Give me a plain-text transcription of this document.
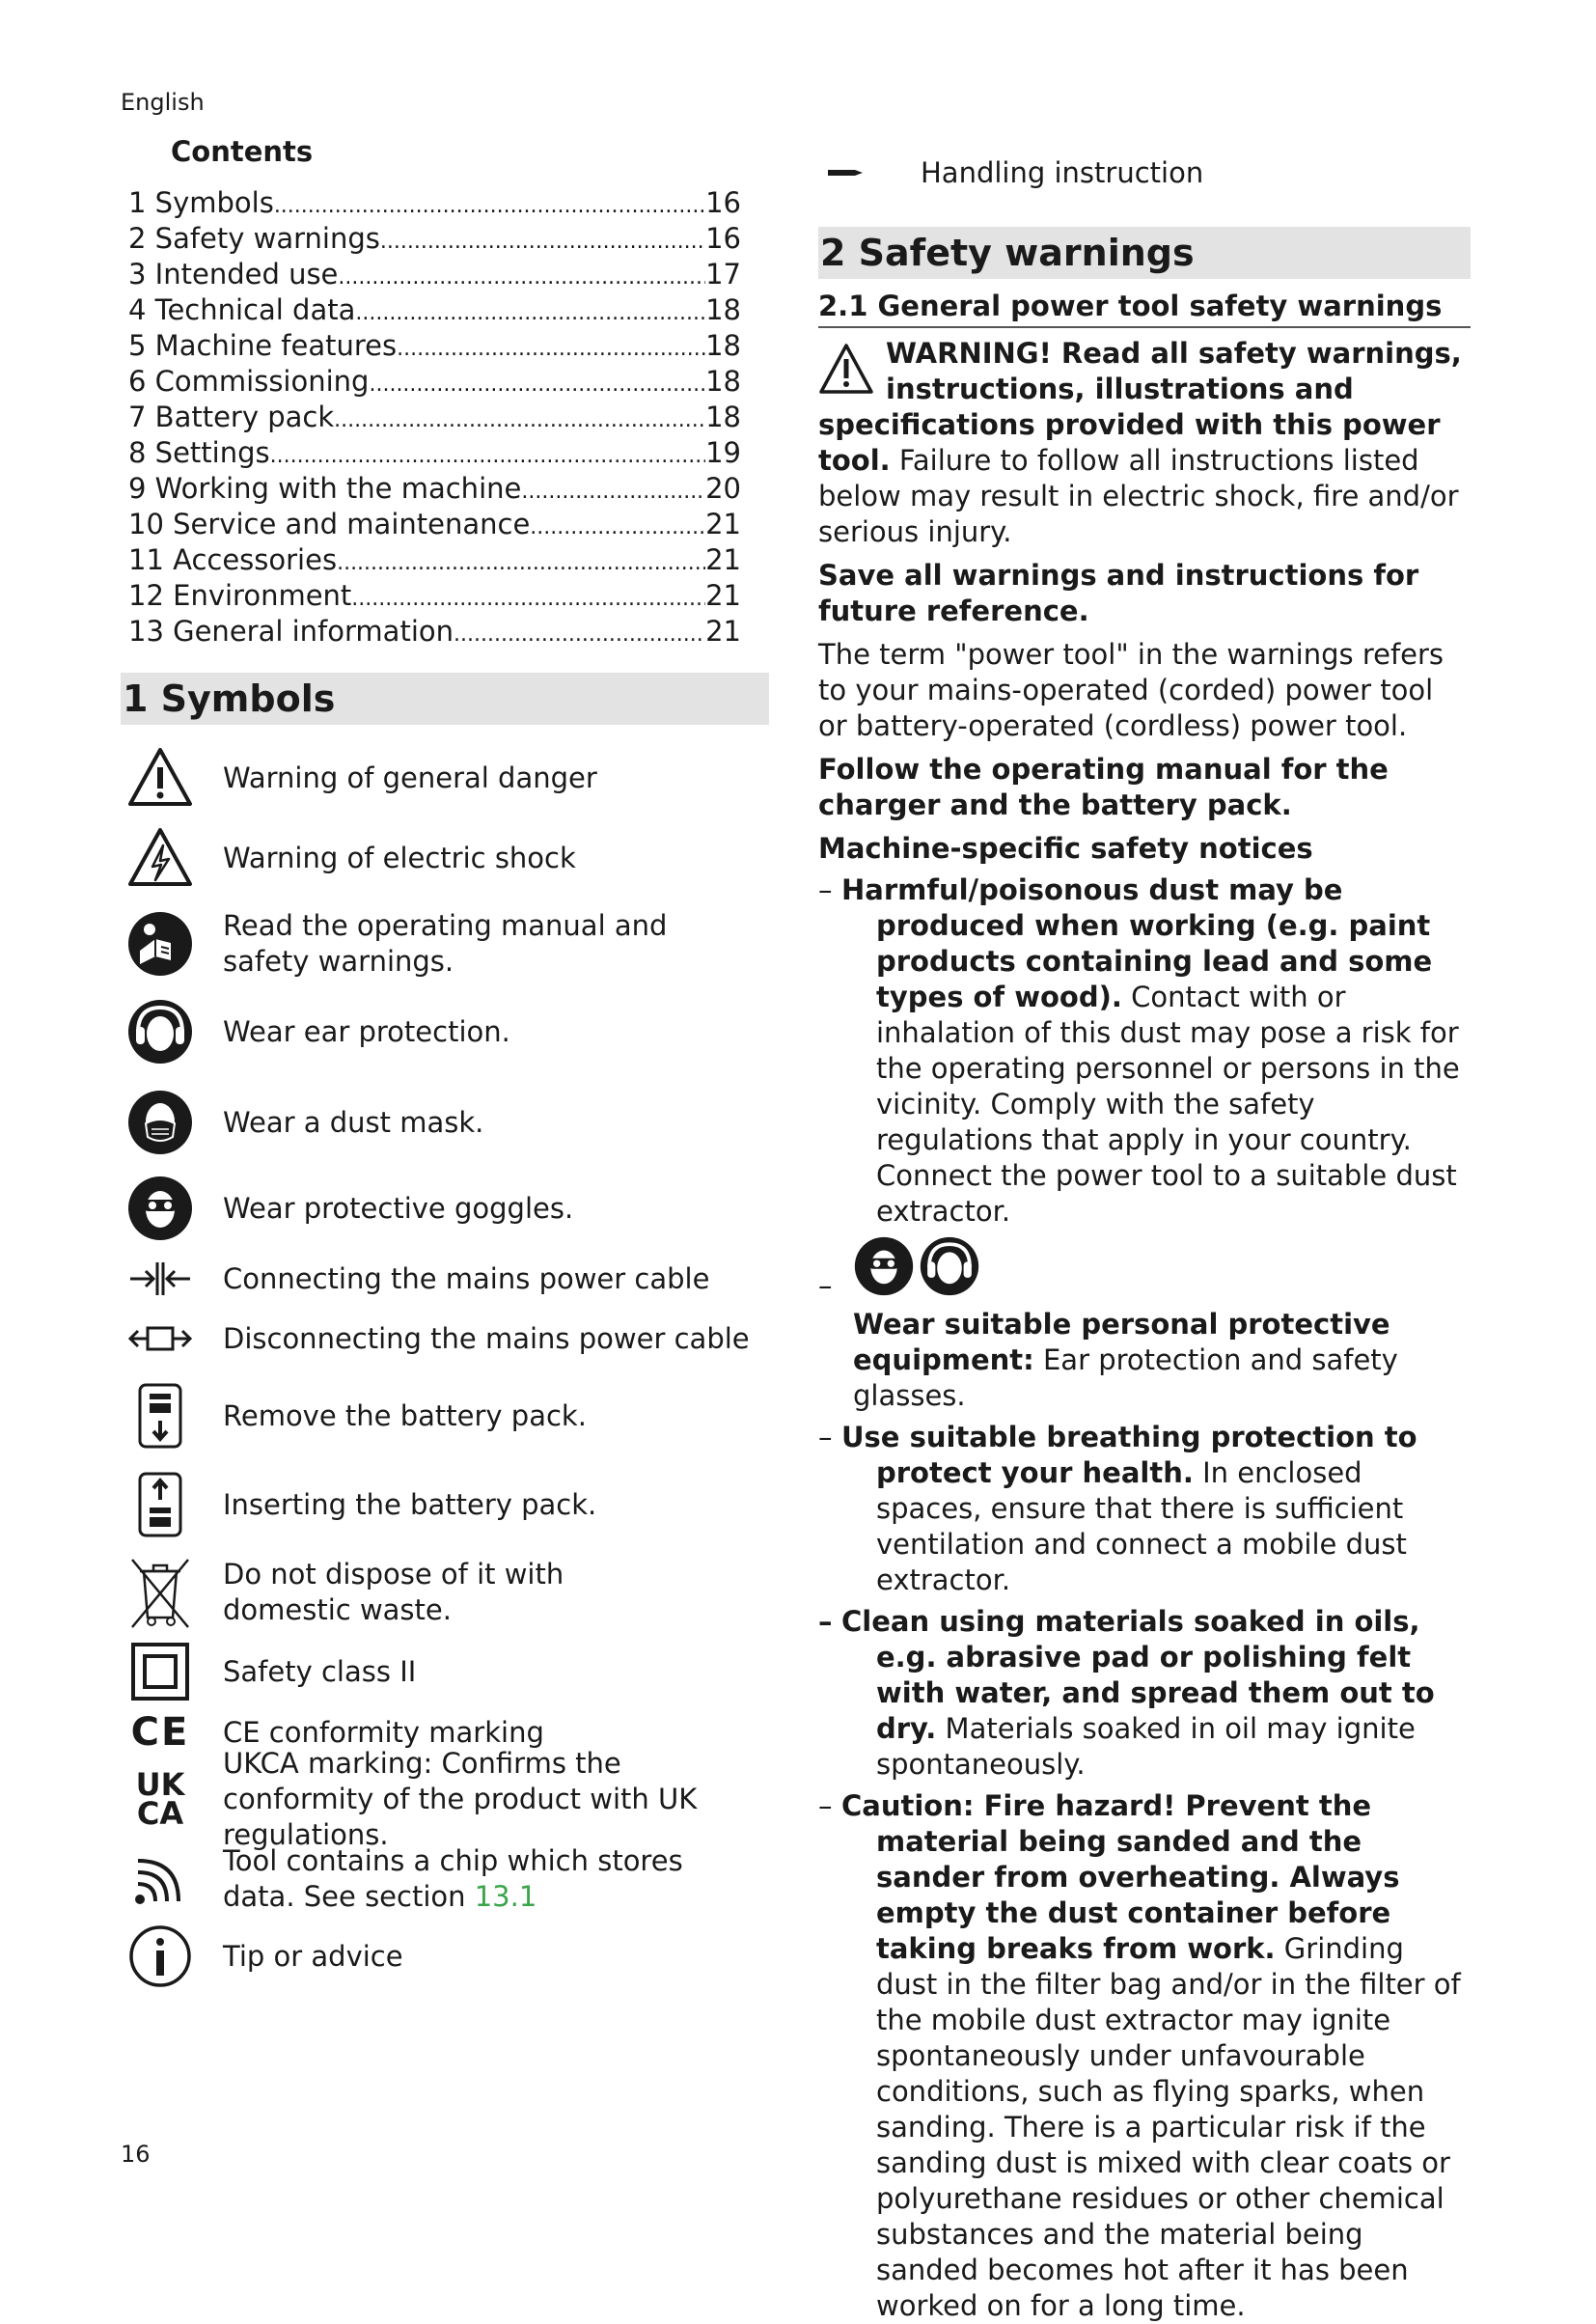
English
Contents
1 Symbols .....	16
2 Safety warnings .....	16
3 Intended use .....	17
4 Technical data .....	18
5 Machine features .....	18
6 Commissioning .....	18
7 Battery pack .....	18
8 Settings .....	19
9 Working with the machine .....	20
10 Service and maintenance .....	21
11 Accessories .....	21
12 Environment .....	21
13 General information .....	21
1 Symbols
Warning of general danger
Warning of electric shock
Read the operating manual and safety warnings.
Wear ear protection.
Wear a dust mask.
Wear protective goggles.
Connecting the mains power cable
Disconnecting the mains power cable
Remove the battery pack.
Inserting the battery pack.
Do not dispose of it with domestic waste.
Safety class II
CE CE conformity marking
UK
CA
UKCA marking: Confirms the conformity of the product with UK regulations.
Tool contains a chip which stores data. See section 13.1
Tip or advice
Handling instruction
2 Safety warnings
2.1 General power tool safety warnings

WARNING! Read all safety warnings, instructions, illustrations and specifications provided with this power tool. Failure to follow all instructions listed below may result in electric shock, fire and/or serious injury.

Save all warnings and instructions for future reference.

The term "power tool" in the warnings refers to your mains-operated (corded) power tool or battery-operated (cordless) power tool.

Follow the operating manual for the charger and the battery pack.

Machine-specific safety notices

– Harmful/poisonous dust may be produced when working (e.g. paint products containing lead and some types of wood). Contact with or inhalation of this dust may pose a risk for the operating personnel or persons in the vicinity. Comply with the safety regulations that apply in your country. Connect the power tool to a suitable dust extractor.
–
Wear suitable personal protective equipment: Ear protection and safety glasses.
– Use suitable breathing protection to protect your health. In enclosed spaces, ensure that there is sufficient ventilation and connect a mobile dust extractor.
– Clean using materials soaked in oils, e.g. abrasive pad or polishing felt with water, and spread them out to dry. Materials soaked in oil may ignite spontaneously.
– Caution: Fire hazard! Prevent the material being sanded and the sander from overheating. Always empty the dust container before taking breaks from work. Grinding dust in the filter bag and/or in the filter of the mobile dust extractor may ignite spontaneously under unfavourable conditions, such as flying sparks, when sanding. There is a particular risk if the sanding dust is mixed with clear coats or polyurethane residues or other chemical substances and the material being sanded becomes hot after it has been worked on for a long time.
16
